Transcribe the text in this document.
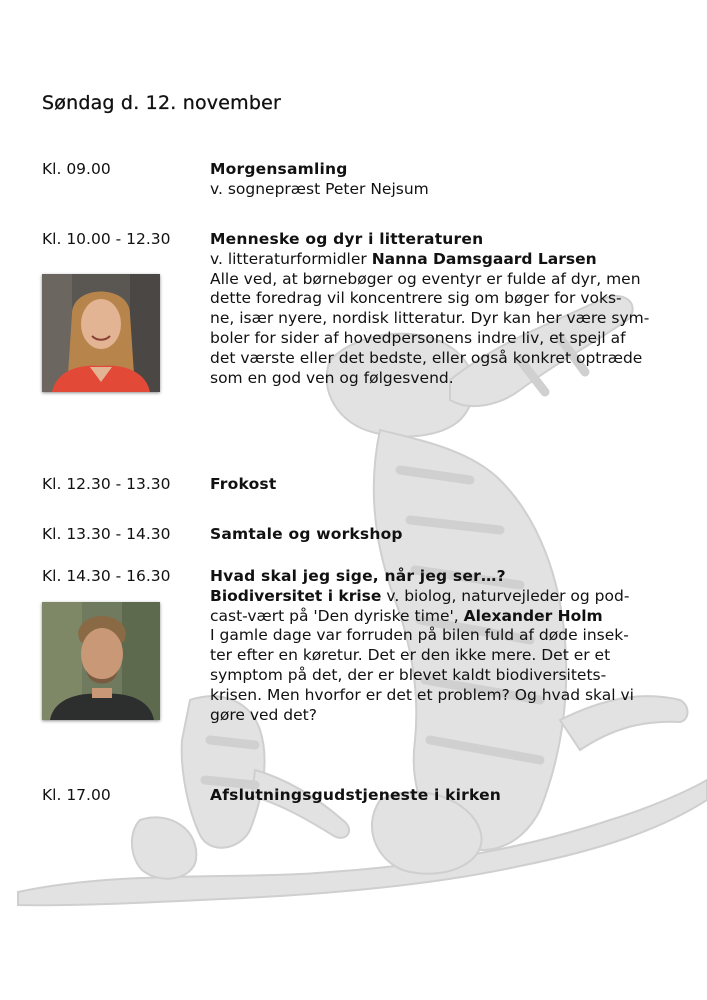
Søndag d. 12. november
Kl. 09.00	Morgensamling
v. sognepræst Peter Nejsum
Kl. 10.00 - 12.30	Menneske og dyr i litteraturen
v. litteraturformidler Nanna Damsgaard Larsen

Alle ved, at børnebøger og eventyr er fulde af dyr, men

dette foredrag vil koncentrere sig om bøger for voks-

ne, især nyere, nordisk litteratur. Dyr kan her være sym-

boler for sider af hovedpersonens indre liv, et spejl af

det værste eller det bedste, eller også konkret optræde

som en god ven og følgesvend.

Kl. 12.30 - 13.30	Frokost
Kl. 13.30 - 14.30	Samtale og workshop
Kl. 14.30 - 16.30	Hvad skal jeg sige, når jeg ser…?
Biodiversitet i krise v. biolog, naturvejleder og pod-
cast-vært på 'Den dyriske time', Alexander Holm

I gamle dage var forruden på bilen fuld af døde insek-

ter efter en køretur. Det er den ikke mere. Det er et

symptom på det, der er blevet kaldt biodiversitets-

krisen. Men hvorfor er det et problem? Og hvad skal vi

gøre ved det?

Kl. 17.00	Afslutningsgudstjeneste i kirken
